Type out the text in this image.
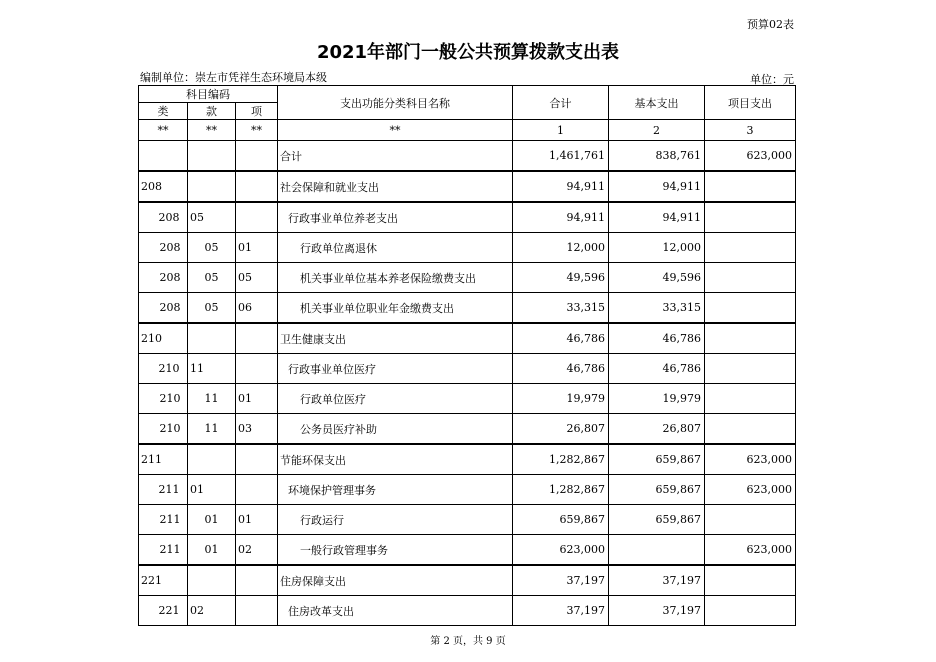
预算02表
2021年部门一般公共预算拨款支出表
编制单位：崇左市凭祥生态环境局本级	单位：元
科目编码			支出功能分类科目名称	合计	基本支出	项目支出
类	款	项				
**	**	**	**	1	2	3
			合计	1,461,761	838,761	623,000
208			社会保障和就业支出	94,911	94,911	
208	05		行政事业单位养老支出	94,911	94,911	
208	05	01	行政单位离退休	12,000	12,000	
208	05	05	机关事业单位基本养老保险缴费支出	49,596	49,596	
208	05	06	机关事业单位职业年金缴费支出	33,315	33,315	
210			卫生健康支出	46,786	46,786	
210	11		行政事业单位医疗	46,786	46,786	
210	11	01	行政单位医疗	19,979	19,979	
210	11	03	公务员医疗补助	26,807	26,807	
211			节能环保支出	1,282,867	659,867	623,000
211	01		环境保护管理事务	1,282,867	659,867	623,000
211	01	01	行政运行	659,867	659,867	
211	01	02	一般行政管理事务	623,000		623,000
221			住房保障支出	37,197	37,197	
221	02		住房改革支出	37,197	37,197	
第 2 页，共 9 页
